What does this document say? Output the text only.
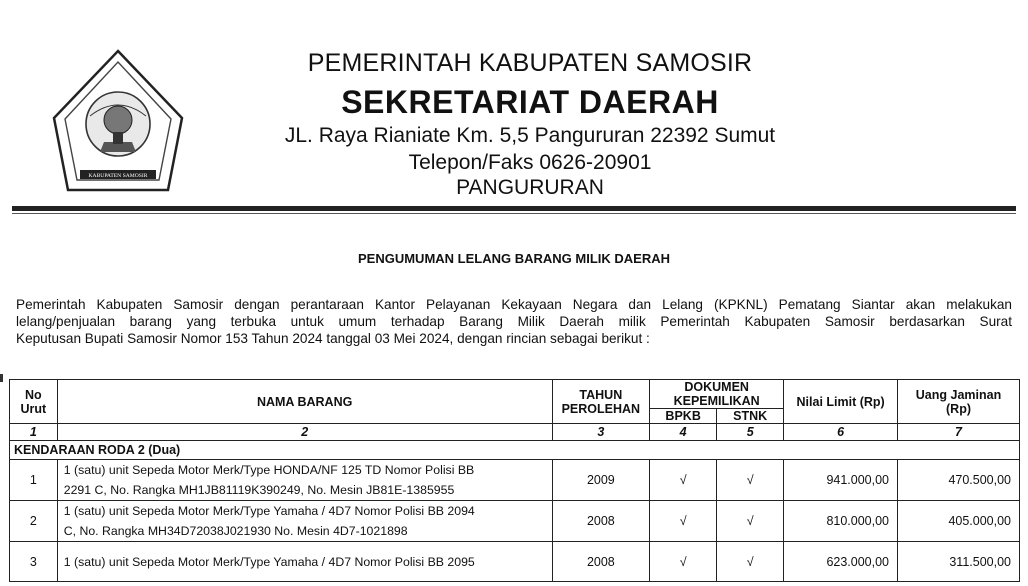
KABUPATEN SAMOSIR
PEMERINTAH KABUPATEN SAMOSIR
SEKRETARIAT DAERAH
JL. Raya Rianiate Km. 5,5 Pangururan 22392 Sumut
Telepon/Faks 0626-20901
PANGURURAN
PENGUMUMAN LELANG BARANG MILIK DAERAH
Pemerintah Kabupaten Samosir dengan perantaraan Kantor Pelayanan Kekayaan Negara dan Lelang (KPKNL) Pematang Siantar akan melakukan
lelang/penjualan barang yang terbuka untuk umum terhadap Barang Milik Daerah milik Pemerintah Kabupaten Samosir berdasarkan Surat
Keputusan Bupati Samosir Nomor 153 Tahun 2024 tanggal 03 Mei 2024, dengan rincian sebagai berikut :
No Urut	NAMA BARANG	TAHUN PEROLEHAN	DOKUMEN KEPEMILIKAN		Nilai Limit (Rp)	Uang Jaminan (Rp)
			BPKB	STNK		
1	2	3	4	5	6	7
KENDARAAN RODA 2 (Dua)						
1	1 (satu) unit Sepeda Motor Merk/Type HONDA/NF 125 TD Nomor Polisi BB
2291 C, No. Rangka MH1JB81119K390249, No. Mesin JB81E-1385955	2009	√	√	941.000,00	470.500,00
2	1 (satu) unit Sepeda Motor Merk/Type Yamaha / 4D7 Nomor Polisi BB 2094
C, No. Rangka MH34D72038J021930 No. Mesin 4D7-1021898	2008	√	√	810.000,00	405.000,00
3	1 (satu) unit Sepeda Motor Merk/Type Yamaha / 4D7 Nomor Polisi BB 2095	2008	√	√	623.000,00	311.500,00
